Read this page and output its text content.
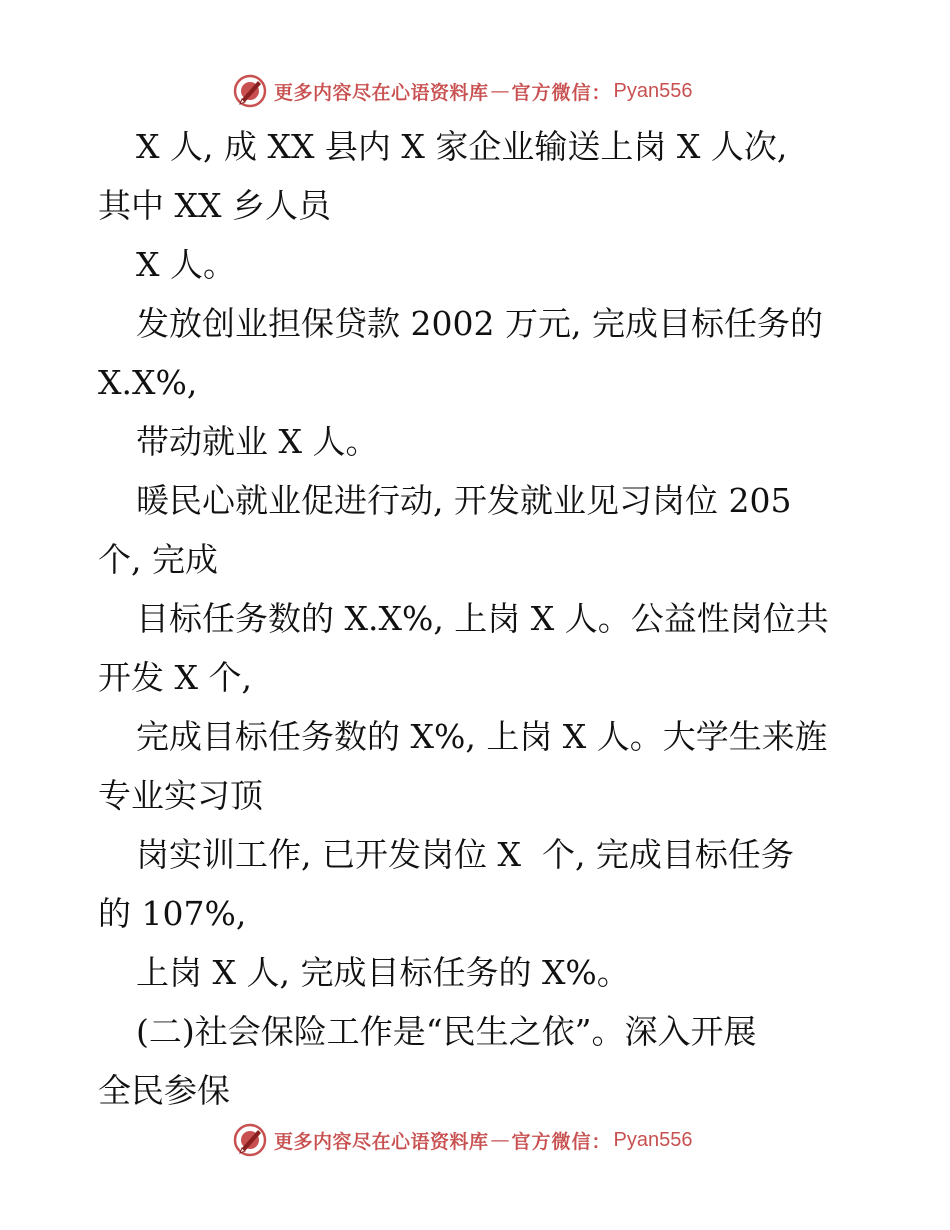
更多内容尽在心语资料库 — 官方微信： Pyan556
X 人, 成 XX 县内 X 家企业输送上岗 X 人次,
其中 XX 乡人员
X 人。
发放创业担保贷款 2002 万元, 完成目标任务的
X.X%,
带动就业 X 人。
暖民心就业促进行动, 开发就业见习岗位 205
个, 完成
目标任务数的 X.X%, 上岗 X 人。公益性岗位共
开发 X 个,
完成目标任务数的 X%, 上岗 X 人。大学生来旌
专业实习顶
岗实训工作, 已开发岗位 X  个, 完成目标任务
的 107%,
上岗 X 人, 完成目标任务的 X%。
(二)社会保险工作是“民生之依”。深入开展
全民参保
更多内容尽在心语资料库 — 官方微信： Pyan556
